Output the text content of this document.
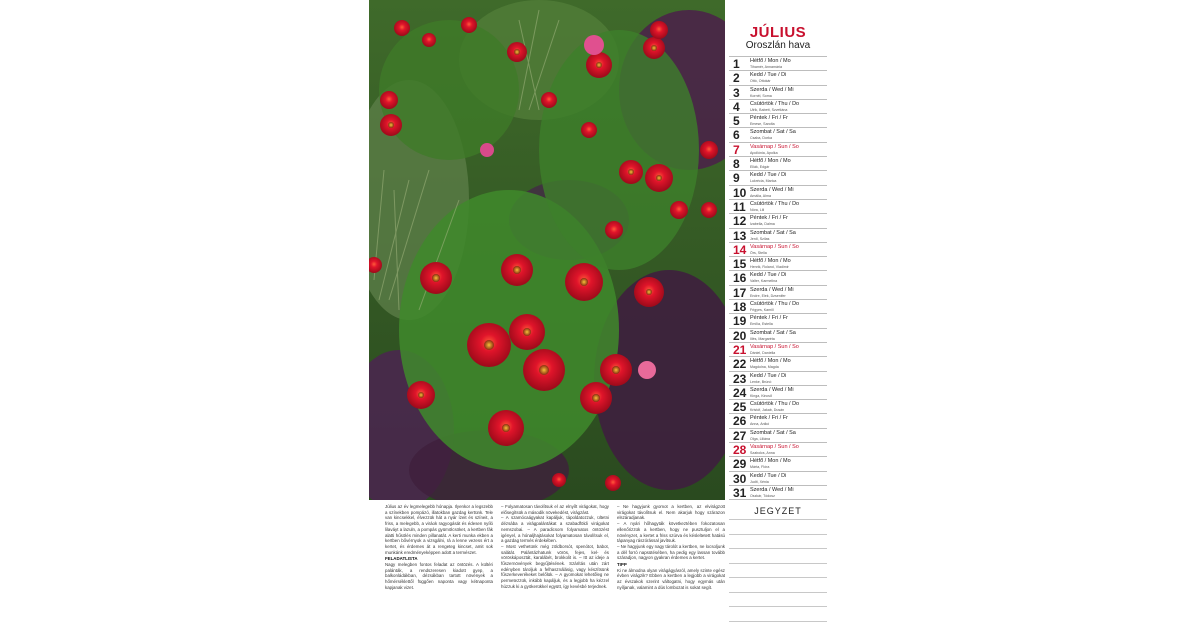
Július az év legmelegebb hónapja. Ilyenkor a legszebb a színekben pompázó, illatokban gazdag kertünk. Tele van kincsekkel, élvezzük hát a nyár ízeit és színeit, a friss, a melegebb, a viráok ragyogását és édesen nyíló lilaváyt a lazuln, a pompás gyümölcsöket, a kertben fák alatti hűsölés minden pillanatát. A kerti munka ekben a kertben bővérnyok a vizsgálni, rá a lenne vezess ért a kertet, és érdemes át a rengeteg kincset, amit sok munkánk eredményeképpen adott a természet.

FELADATLISTA

Nagy melegben fontos feladat az öntözés. A kültéri palánták, a rendszeresen kiadott gyep, a balkonládákban, dézsákban tartott növények a hőmérséklettől függően naponta vagy kétnaponta kapjanak vizet.

– Folyamatosan távolítsuk el az elnyílt virágokat, hogy elősegítsük a második növekedést, virágzást.

– A szamócaágyakat kapáljuk, tápoldatozzuk, ültetni dézsába a virágpalántákat a szabadföldi virágokat nemszobai. – A paradicsom folyamatos öntözést igényel, a hónaljhajtásokat folyamatosan távolítsuk el, a gazdag termés érdekében.

– Most vethetünk még zöldborsót, spenótot, babot, salátát. Palántázhatunk vörös, fejes, kel- és vöröskáposztát, karalábét, brokkolit is. – Itt az ideje a fűszernövények begyűjtésének. Szárítás után zárt edényben tároljuk a felhasználásig, vagy készítsünk fűszerkeverékeket belőlük. – A gyomokat lehetőleg ne permetezzük, inkább kapáljuk, és a legjobb ha kézzel húzzuk ki a gyökerükkel együtt, így kevésbé terjednek.

– Ne hagyjunk gyomot a kertben, az elvirágzott virágokat távolítsuk el. Nem akarjuk hogy szárazon elszáradjanak.

– A nyári hőhagyták következtében fokozatosan ellenőrizzük a kertben, hogy ne pusztuljon el a növényzet, a kertet a friss szúrva és késleltetett hatású tápanyag rászórással javítsuk.

– Ne hagyjunk egy nagy tárolót a kertben, ne locsoljunk a dél forró napsütésében, ha pedig egy lassan tovább száradjon, nagyon gyakran érdemes a kertet.

TIPP

Ki ne álmodna olyan virágágyásról, amely szinte egész évben virágzik? Ebben a kertben a legjobb a virágokat az évszakok szerint váltogatni, hogy egymás után nyíljanak, valamint a dús lombozat is sokat segít.

JÚLIUS
Oroszlán hava
1 Hétfő / Mon / Mo
Tihamér, Annamária
2 Kedd / Tue / Di
Ottó, Ottokár
3 Szerda / Wed / Mi
Kornél, Soma
4 Csütörtök / Thu / Do
Ulrik, Babett, Szvetlána
5 Péntek / Fri / Fr
Emese, Sarolta
6 Szombat / Sat / Sa
Csaba, Dorka
7 Vasárnap / Sun / So
Apollónia, Apolka
8 Hétfő / Mon / Mo
Ellák, Edgár
9 Kedd / Tue / Di
Lukrécia, Marica
10 Szerda / Wed / Mi
Amália, Alma
11 Csütörtök / Thu / Do
Nóra, Lili
12 Péntek / Fri / Fr
Izabella, Dalma
13 Szombat / Sat / Sa
Jenő, Szilas
14 Vasárnap / Sun / So
Örs, Stella
15 Hétfő / Mon / Mo
Henrik, Roland, Vladimir
16 Kedd / Tue / Di
Valter, Karmelina
17 Szerda / Wed / Mi
Endre, Elek, Dzsenifer
18 Csütörtök / Thu / Do
Frigyes, Kamill
19 Péntek / Fri / Fr
Emília, Estella
20 Szombat / Sat / Sa
Illés, Margaréta
21 Vasárnap / Sun / So
Dániel, Daniella
22 Hétfő / Mon / Mo
Magdolna, Magda
23 Kedd / Tue / Di
Lenke, Brúnó
24 Szerda / Wed / Mi
Kinga, Kincső
25 Csütörtök / Thu / Do
Kristóf, Jakab, Dusán
26 Péntek / Fri / Fr
Anna, Anikó
27 Szombat / Sat / Sa
Olga, Liliána
28 Vasárnap / Sun / So
Szabolcs, Anna
29 Hétfő / Mon / Mo
Márta, Flóra
30 Kedd / Tue / Di
Judit, Xénia
31 Szerda / Wed / Mi
Oszkár, Tódosz
JEGYZET
